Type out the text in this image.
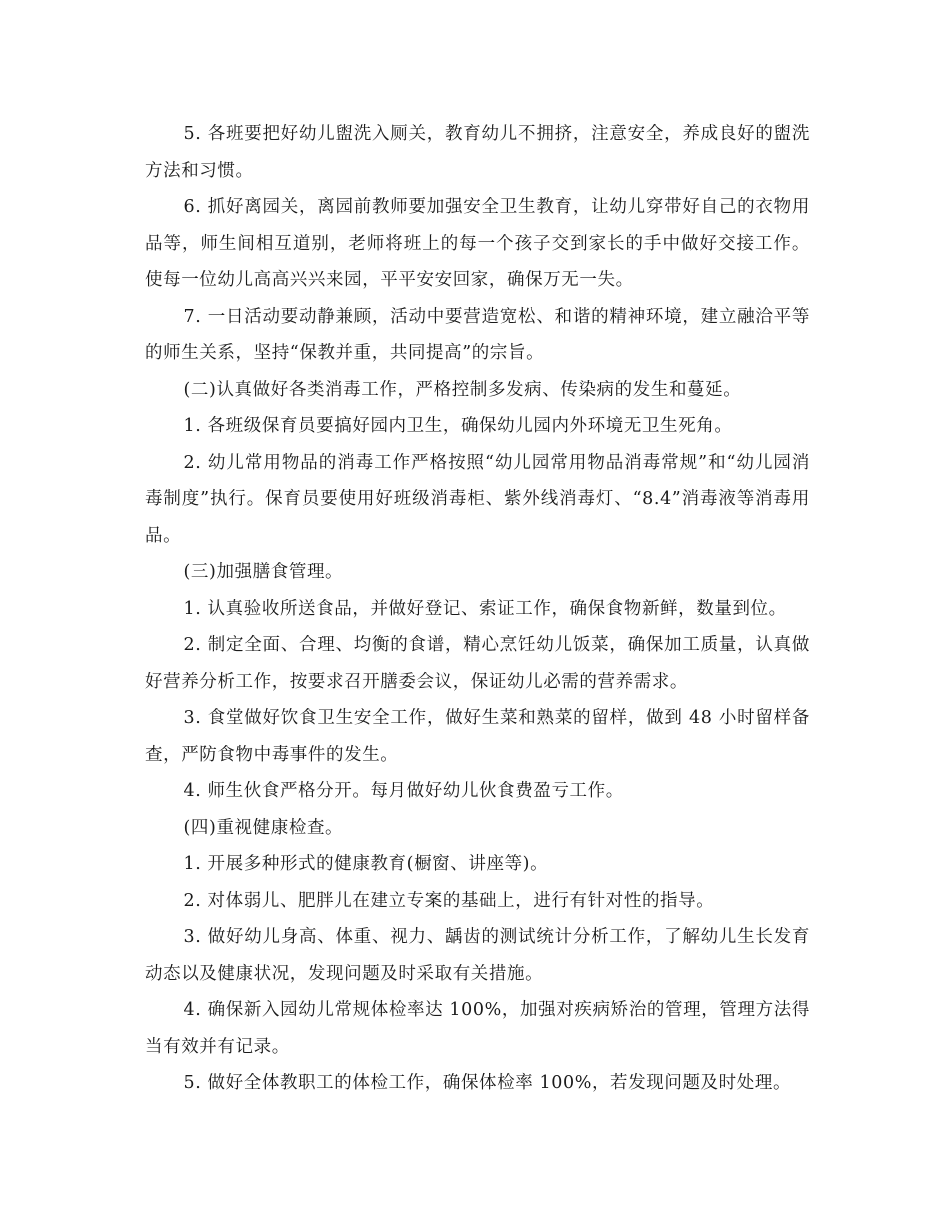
5. 各班要把好幼儿盥洗入厕关，教育幼儿不拥挤，注意安全，养成良好的盥洗方法和习惯。

6. 抓好离园关，离园前教师要加强安全卫生教育，让幼儿穿带好自己的衣物用品等，师生间相互道别，老师将班上的每一个孩子交到家长的手中做好交接工作。使每一位幼儿高高兴兴来园，平平安安回家，确保万无一失。

7. 一日活动要动静兼顾，活动中要营造宽松、和谐的精神环境，建立融洽平等的师生关系，坚持“保教并重，共同提高”的宗旨。

(二)认真做好各类消毒工作，严格控制多发病、传染病的发生和蔓延。

1. 各班级保育员要搞好园内卫生，确保幼儿园内外环境无卫生死角。

2. 幼儿常用物品的消毒工作严格按照“幼儿园常用物品消毒常规”和“幼儿园消毒制度”执行。保育员要使用好班级消毒柜、紫外线消毒灯、“8.4”消毒液等消毒用品。

(三)加强膳食管理。

1. 认真验收所送食品，并做好登记、索证工作，确保食物新鲜，数量到位。

2. 制定全面、合理、均衡的食谱，精心烹饪幼儿饭菜，确保加工质量，认真做好营养分析工作，按要求召开膳委会议，保证幼儿必需的营养需求。

3. 食堂做好饮食卫生安全工作，做好生菜和熟菜的留样，做到 48 小时留样备查，严防食物中毒事件的发生。

4. 师生伙食严格分开。每月做好幼儿伙食费盈亏工作。

(四)重视健康检查。

1. 开展多种形式的健康教育(橱窗、讲座等)。

2. 对体弱儿、肥胖儿在建立专案的基础上，进行有针对性的指导。

3. 做好幼儿身高、体重、视力、龋齿的测试统计分析工作，了解幼儿生长发育动态以及健康状况，发现问题及时采取有关措施。

4. 确保新入园幼儿常规体检率达 100%，加强对疾病矫治的管理，管理方法得当有效并有记录。

5. 做好全体教职工的体检工作，确保体检率 100%，若发现问题及时处理。
